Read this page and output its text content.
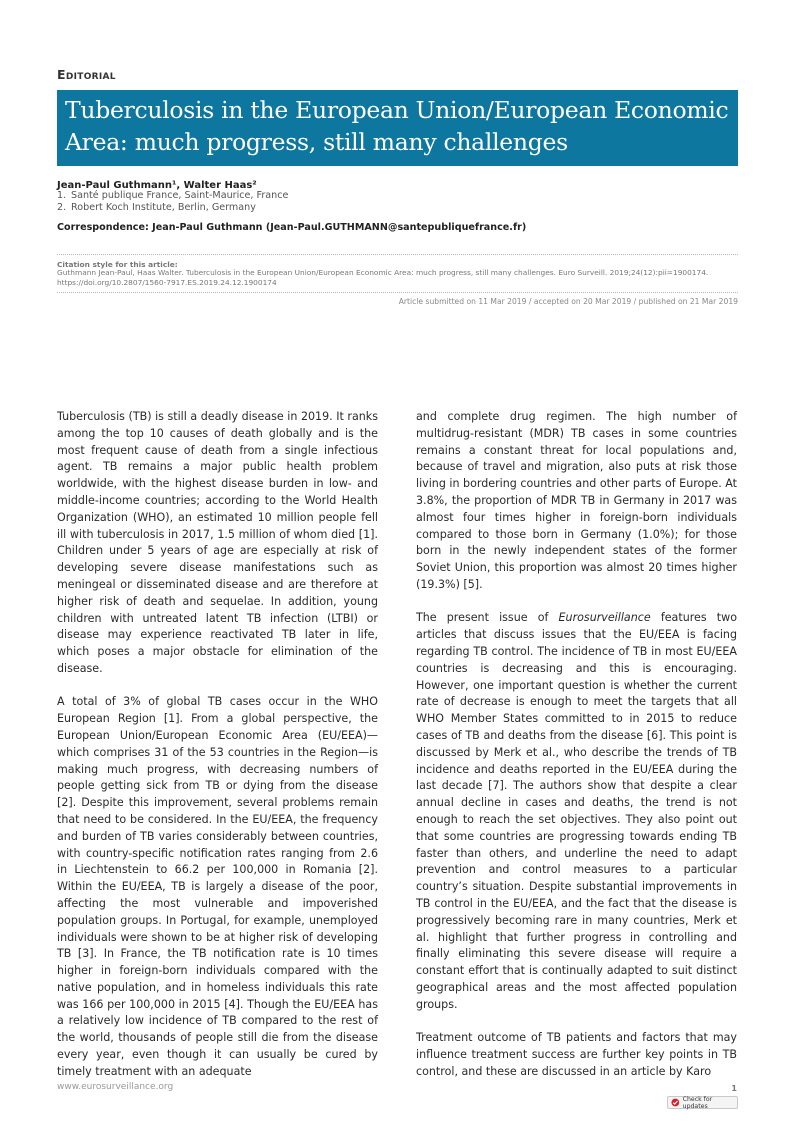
Editorial
Tuberculosis in the European Union/European Economic Area: much progress, still many challenges
Jean-Paul Guthmann¹, Walter Haas²
1. Santé publique France, Saint-Maurice, France
2. Robert Koch Institute, Berlin, Germany
Correspondence: Jean-Paul Guthmann (Jean-Paul.GUTHMANN@santepubliquefrance.fr)
Citation style for this article:
Guthmann Jean-Paul, Haas Walter. Tuberculosis in the European Union/European Economic Area: much progress, still many challenges. Euro Surveill. 2019;24(12):pii=1900174. https://doi.org/10.2807/1560-7917.ES.2019.24.12.1900174
Article submitted on 11 Mar 2019 / accepted on 20 Mar 2019 / published on 21 Mar 2019

Tuberculosis (TB) is still a deadly disease in 2019. It ranks among the top 10 causes of death globally and is the most frequent cause of death from a single infectious agent. TB remains a major public health problem worldwide, with the highest disease burden in low- and middle-income countries; according to the World Health Organization (WHO), an estimated 10 million people fell ill with tuberculosis in 2017, 1.5 million of whom died [1]. Children under 5 years of age are especially at risk of developing severe disease manifestations such as meningeal or disseminated disease and are therefore at higher risk of death and sequelae. In addition, young children with untreated latent TB infection (LTBI) or disease may experience reactivated TB later in life, which poses a major obstacle for elimination of the disease.

A total of 3% of global TB cases occur in the WHO European Region [1]. From a global perspective, the European Union/European Economic Area (EU/EEA)—which comprises 31 of the 53 countries in the Region—is making much progress, with decreasing numbers of people getting sick from TB or dying from the disease [2]. Despite this improvement, several problems remain that need to be considered. In the EU/EEA, the frequency and burden of TB varies considerably between countries, with country-specific notification rates ranging from 2.6 in Liechtenstein to 66.2 per 100,000 in Romania [2]. Within the EU/EEA, TB is largely a disease of the poor, affecting the most vulnerable and impoverished population groups. In Portugal, for example, unemployed individuals were shown to be at higher risk of developing TB [3]. In France, the TB notification rate is 10 times higher in foreign-born individuals compared with the native population, and in homeless individuals this rate was 166 per 100,000 in 2015 [4]. Though the EU/EEA has a relatively low incidence of TB compared to the rest of the world, thousands of people still die from the disease every year, even though it can usually be cured by timely treatment with an adequate

and complete drug regimen. The high number of multidrug-resistant (MDR) TB cases in some countries remains a constant threat for local populations and, because of travel and migration, also puts at risk those living in bordering countries and other parts of Europe. At 3.8%, the proportion of MDR TB in Germany in 2017 was almost four times higher in foreign-born individuals compared to those born in Germany (1.0%); for those born in the newly independent states of the former Soviet Union, this proportion was almost 20 times higher (19.3%) [5].

The present issue of Eurosurveillance features two articles that discuss issues that the EU/EEA is facing regarding TB control. The incidence of TB in most EU/EEA countries is decreasing and this is encouraging. However, one important question is whether the current rate of decrease is enough to meet the targets that all WHO Member States committed to in 2015 to reduce cases of TB and deaths from the disease [6]. This point is discussed by Merk et al., who describe the trends of TB incidence and deaths reported in the EU/EEA during the last decade [7]. The authors show that despite a clear annual decline in cases and deaths, the trend is not enough to reach the set objectives. They also point out that some countries are progressing towards ending TB faster than others, and underline the need to adapt prevention and control measures to a particular country’s situation. Despite substantial improvements in TB control in the EU/EEA, and the fact that the disease is progressively becoming rare in many countries, Merk et al. highlight that further progress in controlling and finally eliminating this severe disease will require a constant effort that is continually adapted to suit distinct geographical areas and the most affected population groups.

Treatment outcome of TB patients and factors that may influence treatment success are further key points in TB control, and these are discussed in an article by Karo

www.eurosurveillance.org	1
Check for updates
